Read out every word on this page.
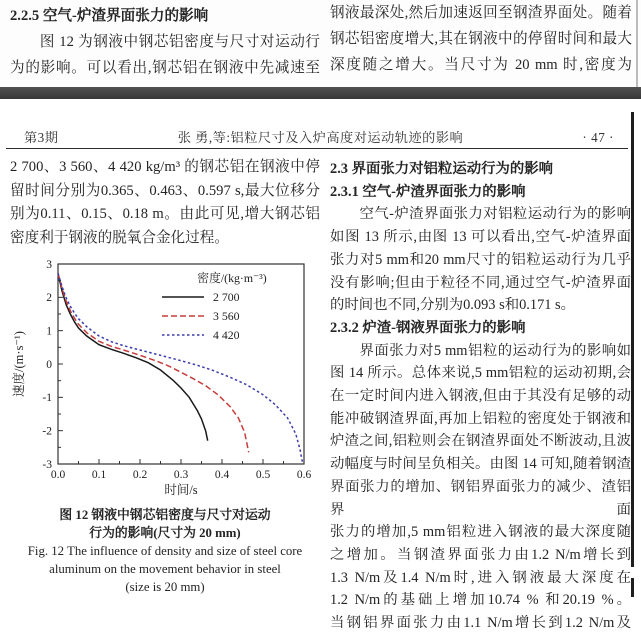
2.2.5 空气-炉渣界面张力的影响
图 12 为钢液中钢芯铝密度与尺寸对运动行
为的影响。可以看出,钢芯铝在钢液中先减速至
钢液最深处,然后加速返回至钢渣界面处。随着
钢芯铝密度增大,其在钢液中的停留时间和最大
深度随之增大。当尺寸为 20 mm 时,密度为
第3期	张 勇,等:铝粒尺寸及入炉高度对运动轨迹的影响	· 47 ·
2 700、3 560、4 420 kg/m³ 的钢芯铝在钢液中停
留时间分别为0.365、0.463、0.597 s,最大位移分
别为0.11、0.15、0.18 m。由此可见,增大钢芯铝
密度利于钢液的脱氧合金化过程。
0.0 0.1 0.2 0.3 0.4 0.5 0.6
-3
-2
-1
0
1
2
3
时间/s
速度/(m·s⁻¹)
密度/(kg·m⁻³)
2 700
3 560
4 420
图 12 钢液中钢芯铝密度与尺寸对运动
行为的影响(尺寸为 20 mm)
Fig. 12 The influence of density and size of steel core
aluminum on the movement behavior in steel
(size is 20 mm)
2.3 界面张力对铝粒运动行为的影响
2.3.1 空气-炉渣界面张力的影响
空气-炉渣界面张力对铝粒运动行为的影响
如图 13 所示,由图 13 可以看出,空气-炉渣界面
张力对5 mm和20 mm尺寸的铝粒运动行为几乎
没有影响;但由于粒径不同,通过空气-炉渣界面
的时间也不同,分别为0.093 s和0.171 s。
2.3.2 炉渣-钢液界面张力的影响
界面张力对5 mm铝粒的运动行为的影响如
图 14 所示。总体来说,5 mm铝粒的运动初期,会
在一定时间内进入钢液,但由于其没有足够的动
能冲破钢渣界面,再加上铝粒的密度处于钢液和
炉渣之间,铝粒则会在钢渣界面处不断波动,且波
动幅度与时间呈负相关。由图 14 可知,随着钢渣
界面张力的增加、钢铝界面张力的减少、渣铝界面
张力的增加,5 mm铝粒进入钢液的最大深度随
之增加。当钢渣界面张力由1.2 N/m增长到
1.3 N/m及1.4 N/m时,进入钢液最大深度在
1.2 N/m的基础上增加10.74 % 和20.19 %。
当钢铝界面张力由1.1 N/m增长到1.2 N/m及
